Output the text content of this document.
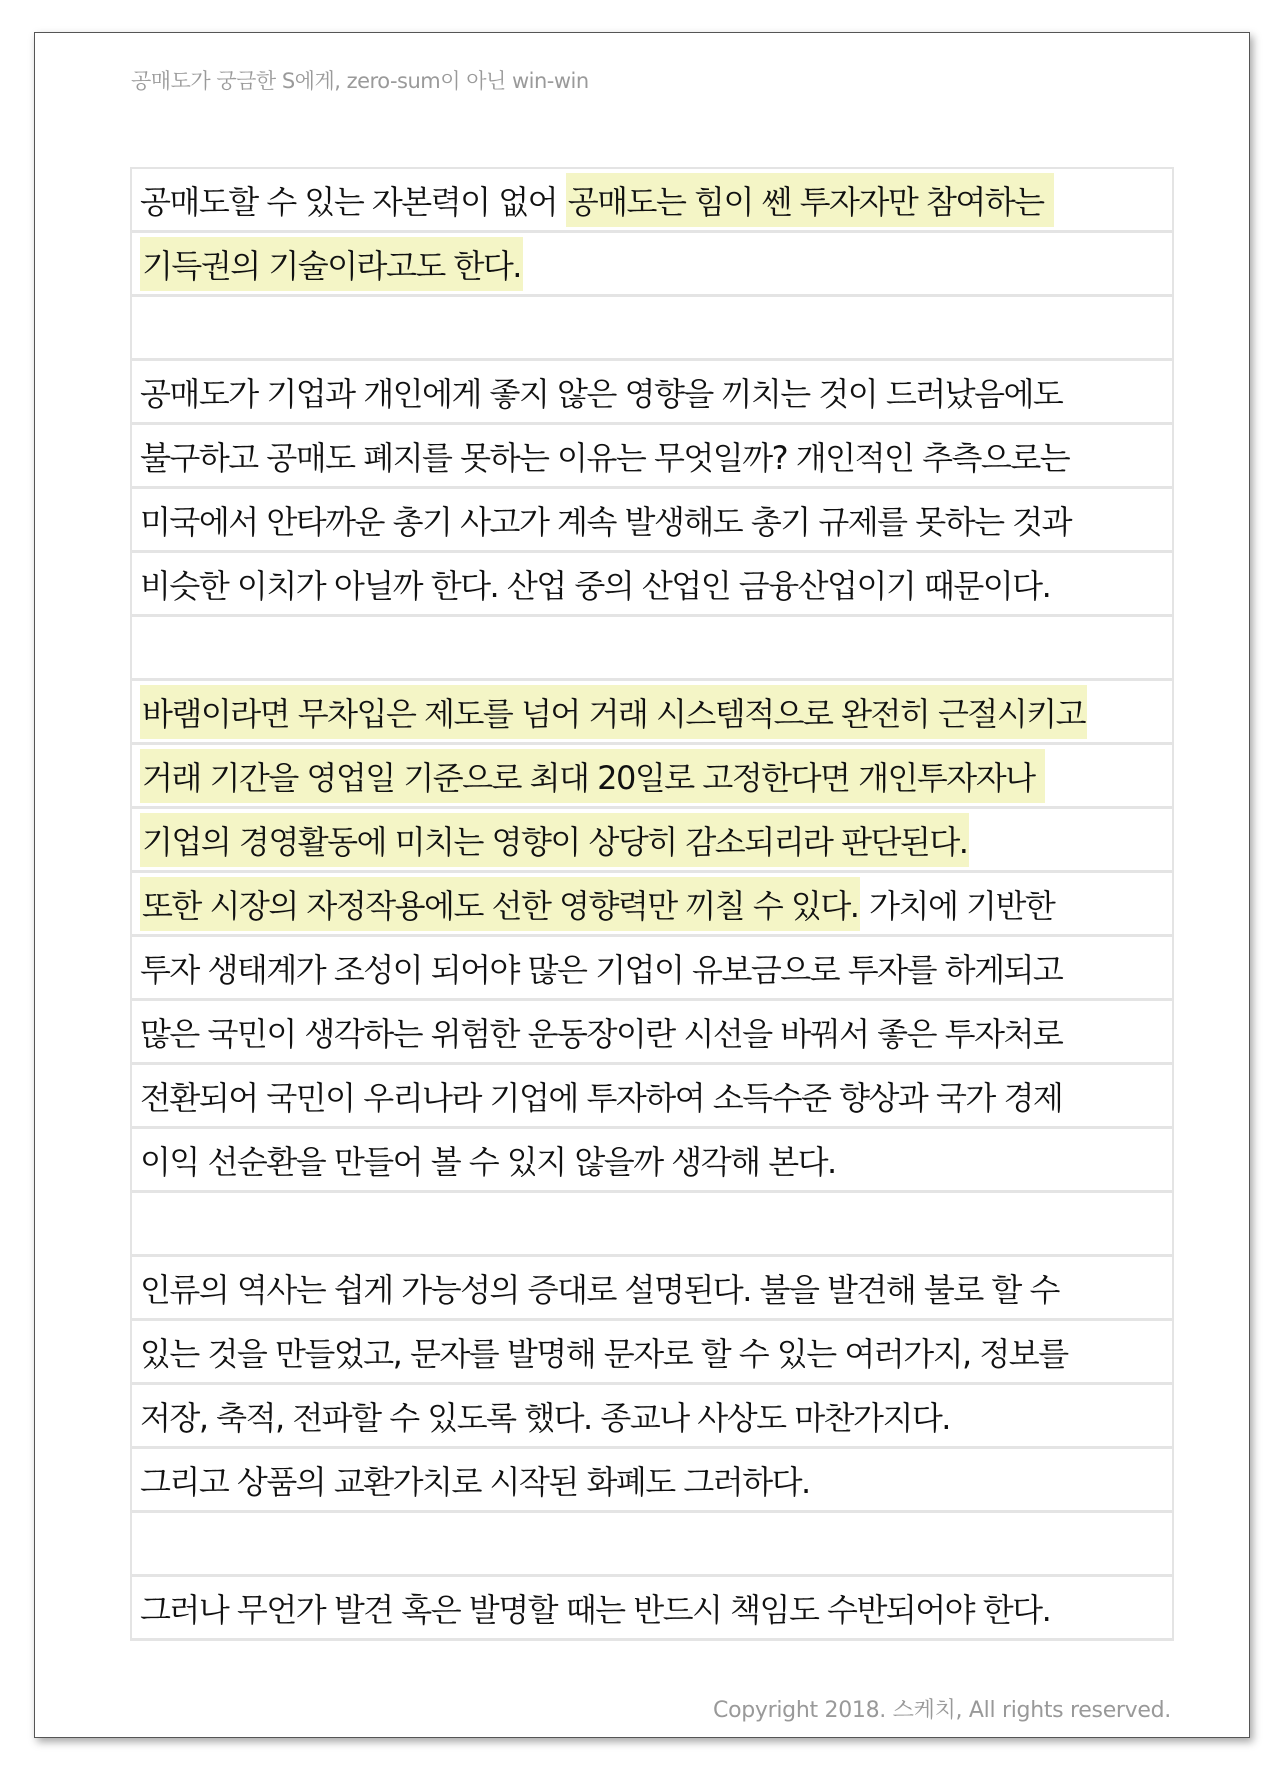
공매도가 궁금한 S에게, zero-sum이 아닌 win-win
공매도할 수 있는 자본력이 없어 공매도는 힘이 쎈 투자자만 참여하는
기득권의 기술이라고도 한다.
공매도가 기업과 개인에게 좋지 않은 영향을 끼치는 것이 드러났음에도
불구하고 공매도 폐지를 못하는 이유는 무엇일까? 개인적인 추측으로는
미국에서 안타까운 총기 사고가 계속 발생해도 총기 규제를 못하는 것과
비슷한 이치가 아닐까 한다. 산업 중의 산업인 금융산업이기 때문이다.
바램이라면 무차입은 제도를 넘어 거래 시스템적으로 완전히 근절시키고
거래 기간을 영업일 기준으로 최대 20일로 고정한다면 개인투자자나
기업의 경영활동에 미치는 영향이 상당히 감소되리라 판단된다.
또한 시장의 자정작용에도 선한 영향력만 끼칠 수 있다. 가치에 기반한
투자 생태계가 조성이 되어야 많은 기업이 유보금으로 투자를 하게되고
많은 국민이 생각하는 위험한 운동장이란 시선을 바꿔서 좋은 투자처로
전환되어 국민이 우리나라 기업에 투자하여 소득수준 향상과 국가 경제
이익 선순환을 만들어 볼 수 있지 않을까 생각해 본다.
인류의 역사는 쉽게 가능성의 증대로 설명된다. 불을 발견해 불로 할 수
있는 것을 만들었고, 문자를 발명해 문자로 할 수 있는 여러가지, 정보를
저장, 축적, 전파할 수 있도록 했다. 종교나 사상도 마찬가지다.
그리고 상품의 교환가치로 시작된 화폐도 그러하다.
그러나 무언가 발견 혹은 발명할 때는 반드시 책임도 수반되어야 한다.
Copyright 2018. 스케치, All rights reserved.
